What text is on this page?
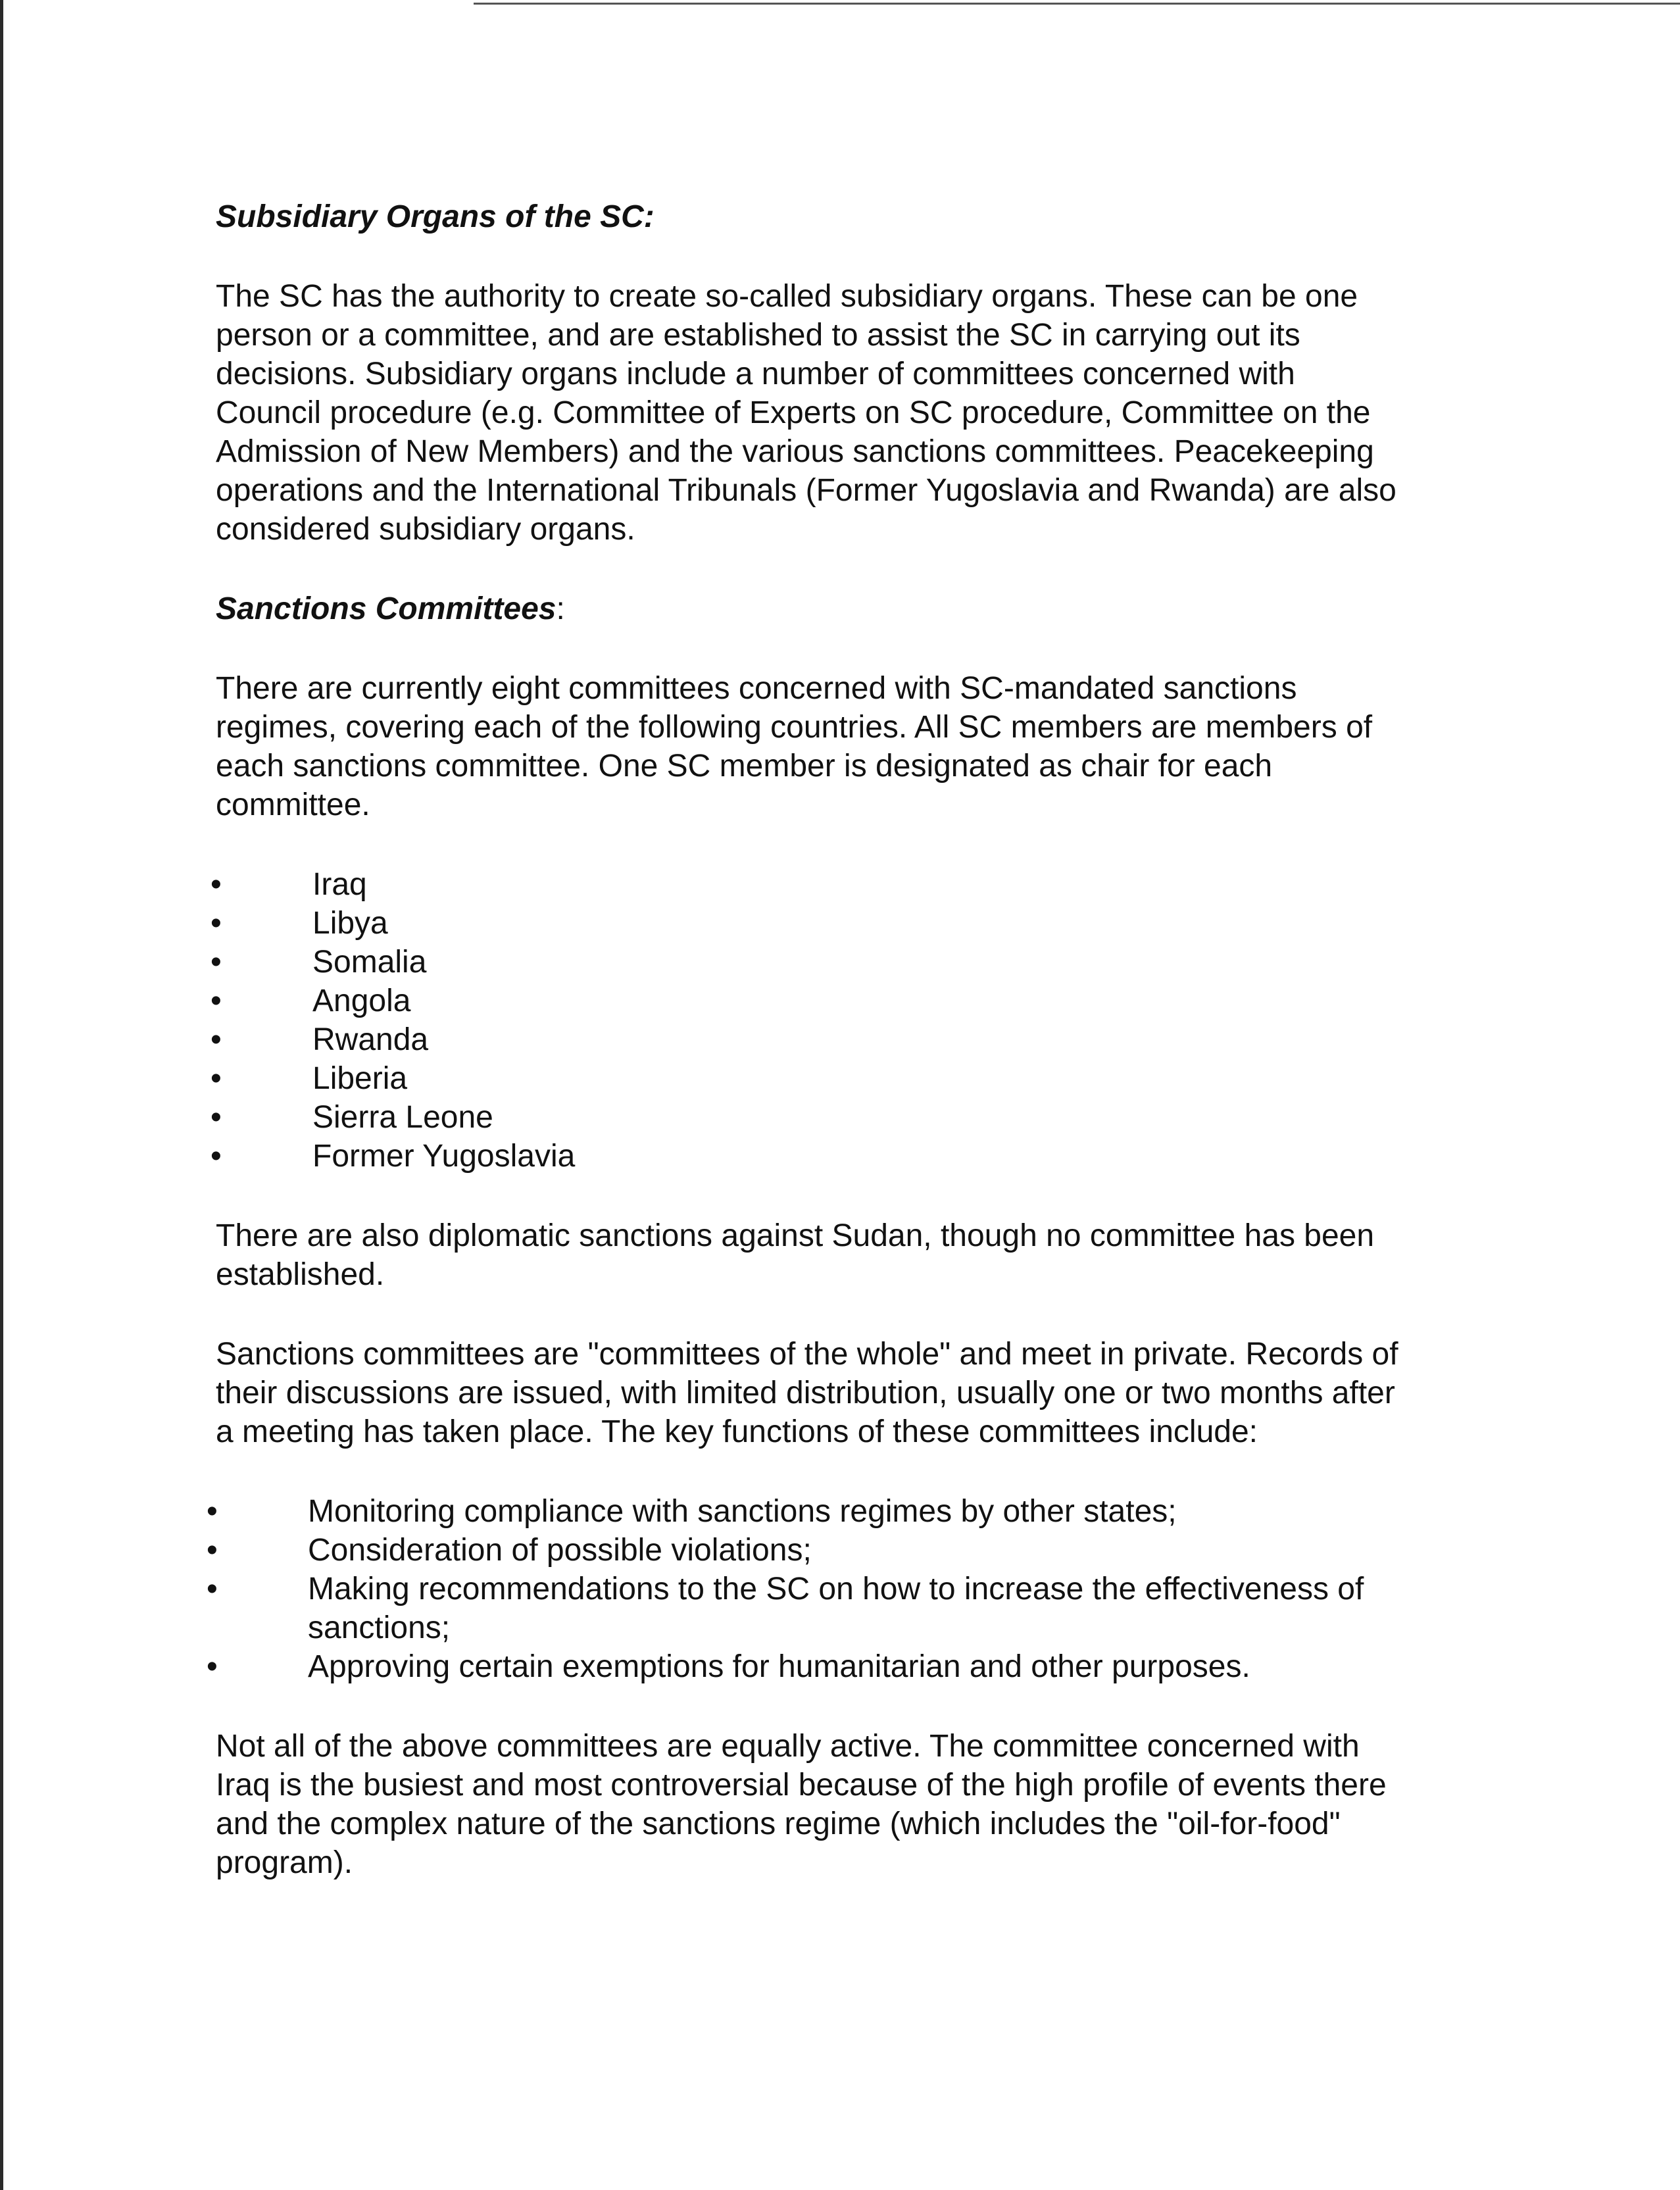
Subsidiary Organs of the SC:
The SC has the authority to create so-called subsidiary organs. These can be one
person or a committee, and are established to assist the SC in carrying out its
decisions. Subsidiary organs include a number of committees concerned with
Council procedure (e.g. Committee of Experts on SC procedure, Committee on the
Admission of New Members) and the various sanctions committees. Peacekeeping
operations and the International Tribunals (Former Yugoslavia and Rwanda) are also
considered subsidiary organs.
Sanctions Committees:
There are currently eight committees concerned with SC-mandated sanctions
regimes, covering each of the following countries. All SC members are members of
each sanctions committee. One SC member is designated as chair for each
committee.
•	Iraq
•	Libya
•	Somalia
•	Angola
•	Rwanda
•	Liberia
•	Sierra Leone
•	Former Yugoslavia
There are also diplomatic sanctions against Sudan, though no committee has been
established.
Sanctions committees are "committees of the whole" and meet in private. Records of
their discussions are issued, with limited distribution, usually one or two months after
a meeting has taken place. The key functions of these committees include:
•	Monitoring compliance with sanctions regimes by other states;
•	Consideration of possible violations;
•	Making recommendations to the SC on how to increase the effectiveness of
sanctions;
•	Approving certain exemptions for humanitarian and other purposes.
Not all of the above committees are equally active. The committee concerned with
Iraq is the busiest and most controversial because of the high profile of events there
and the complex nature of the sanctions regime (which includes the "oil-for-food"
program).
